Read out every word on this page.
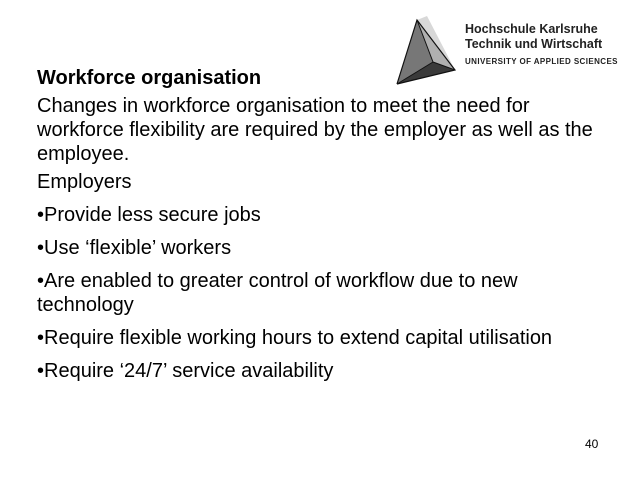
Hochschule Karlsruhe
Technik und Wirtschaft
UNIVERSITY OF APPLIED SCIENCES
Workforce organisation
Changes in workforce organisation to meet the need for workforce flexibility are required by the employer as well as the employee.
Employers
•Provide less secure jobs
•Use ‘flexible’ workers
•Are enabled to greater control of workflow due to new technology
•Require flexible working hours to extend capital utilisation
•Require ‘24/7’ service availability
40
